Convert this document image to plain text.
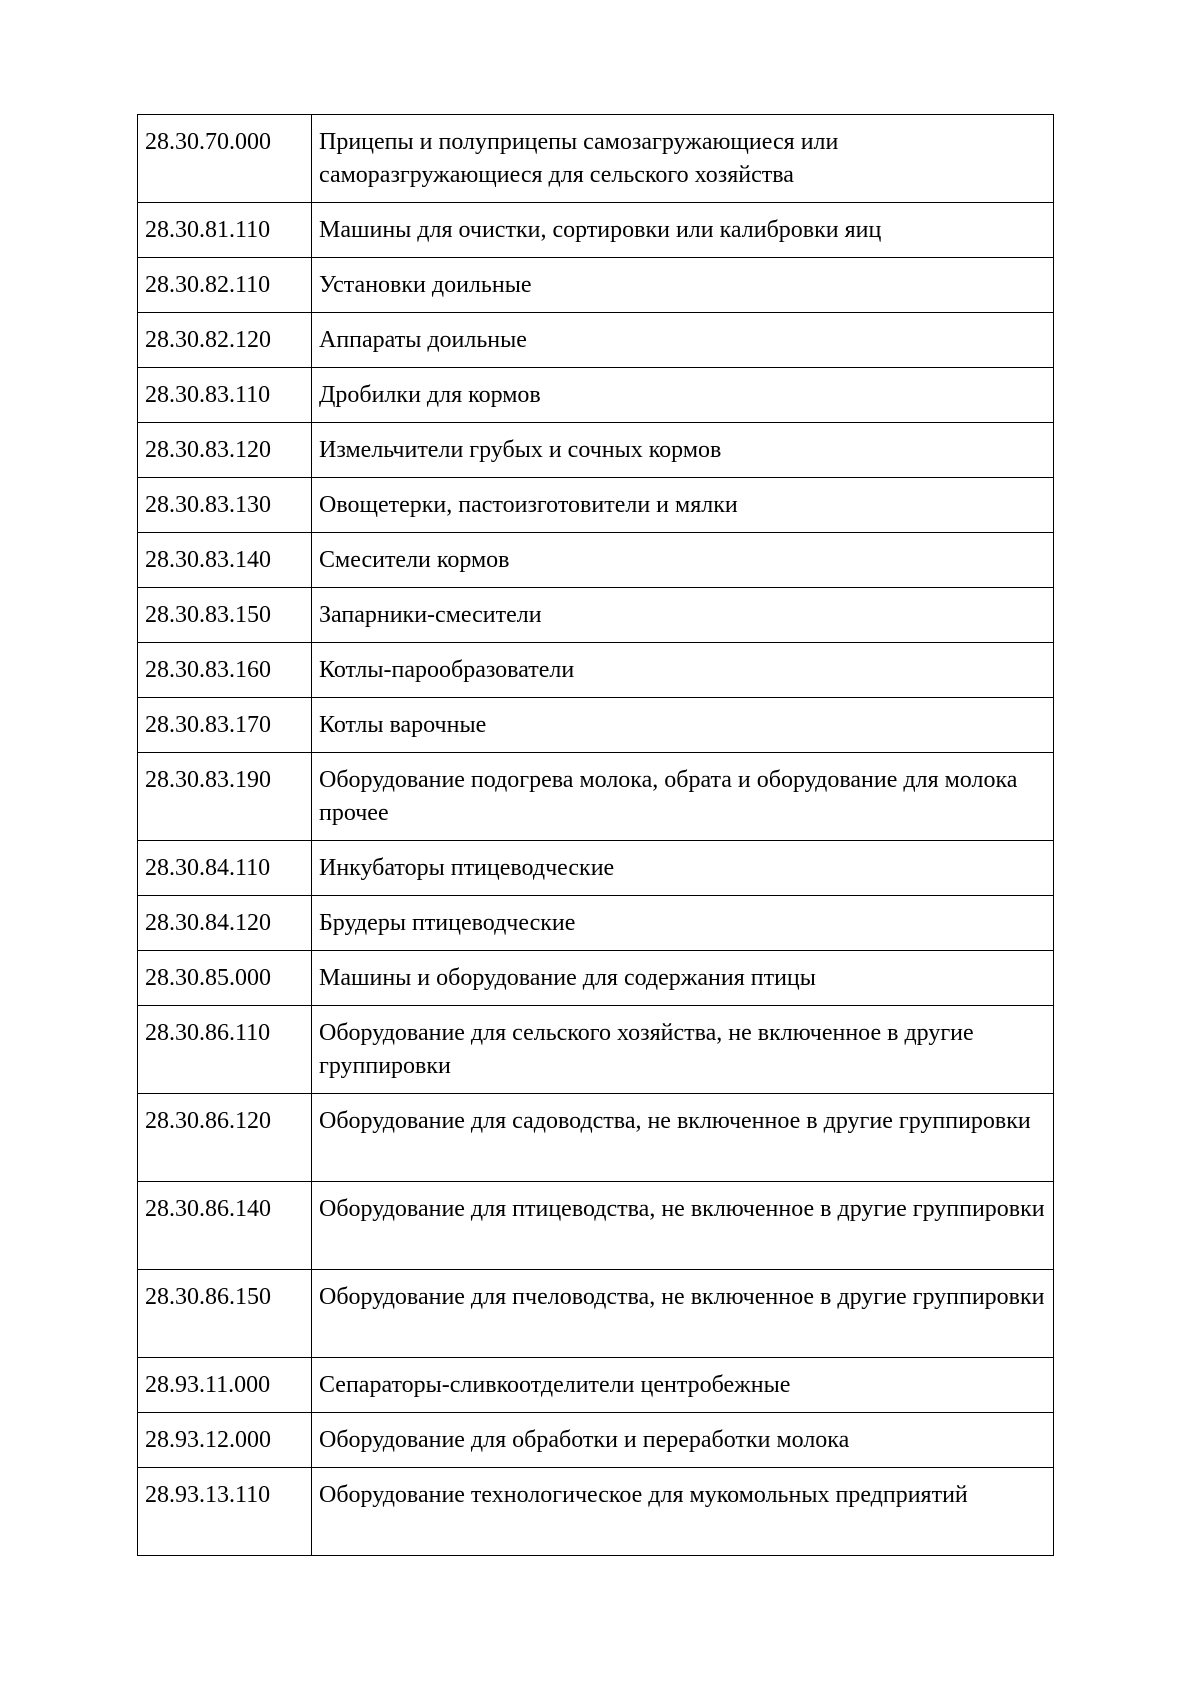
28.30.70.000	Прицепы и полуприцепы самозагружающиеся или саморазгружающиеся для сельского хозяйства
28.30.81.110	Машины для очистки, сортировки или калибровки яиц
28.30.82.110	Установки доильные
28.30.82.120	Аппараты доильные
28.30.83.110	Дробилки для кормов
28.30.83.120	Измельчители грубых и сочных кормов
28.30.83.130	Овощетерки, пастоизготовители и мялки
28.30.83.140	Смесители кормов
28.30.83.150	Запарники-смесители
28.30.83.160	Котлы-парообразователи
28.30.83.170	Котлы варочные
28.30.83.190	Оборудование подогрева молока, обрата и оборудование для молока прочее
28.30.84.110	Инкубаторы птицеводческие
28.30.84.120	Брудеры птицеводческие
28.30.85.000	Машины и оборудование для содержания птицы
28.30.86.110	Оборудование для сельского хозяйства, не включенное в другие группировки
28.30.86.120	Оборудование для садоводства, не включенное в другие группировки
28.30.86.140	Оборудование для птицеводства, не включенное в другие группировки
28.30.86.150	Оборудование для пчеловодства, не включенное в другие группировки
28.93.11.000	Сепараторы-сливкоотделители центробежные
28.93.12.000	Оборудование для обработки и переработки молока
28.93.13.110	Оборудование технологическое для мукомольных предприятий
